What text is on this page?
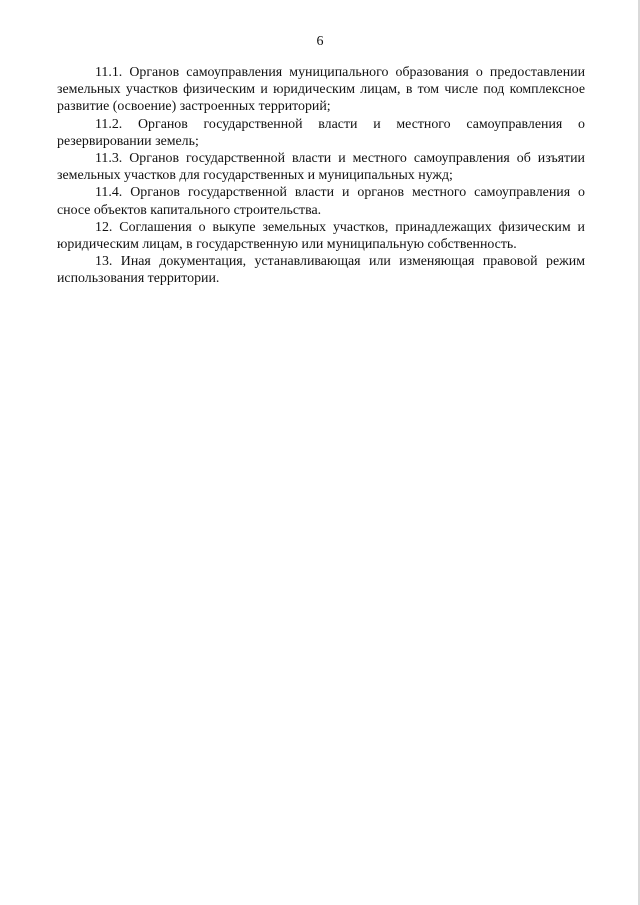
6

11.1. Органов самоуправления муниципального образования о предоставлении земельных участков физическим и юридическим лицам, в том числе под комплексное развитие (освоение) застроенных территорий;

11.2. Органов государственной власти и местного самоуправления о резервировании земель;

11.3. Органов государственной власти и местного самоуправления об изъятии земельных участков для государственных и муниципальных нужд;

11.4. Органов государственной власти и органов местного самоуправления о сносе объектов капитального строительства.

12. Соглашения о выкупе земельных участков, принадлежащих физическим и юридическим лицам, в государственную или муниципальную собственность.

13. Иная документация, устанавливающая или изменяющая правовой режим использования территории.
